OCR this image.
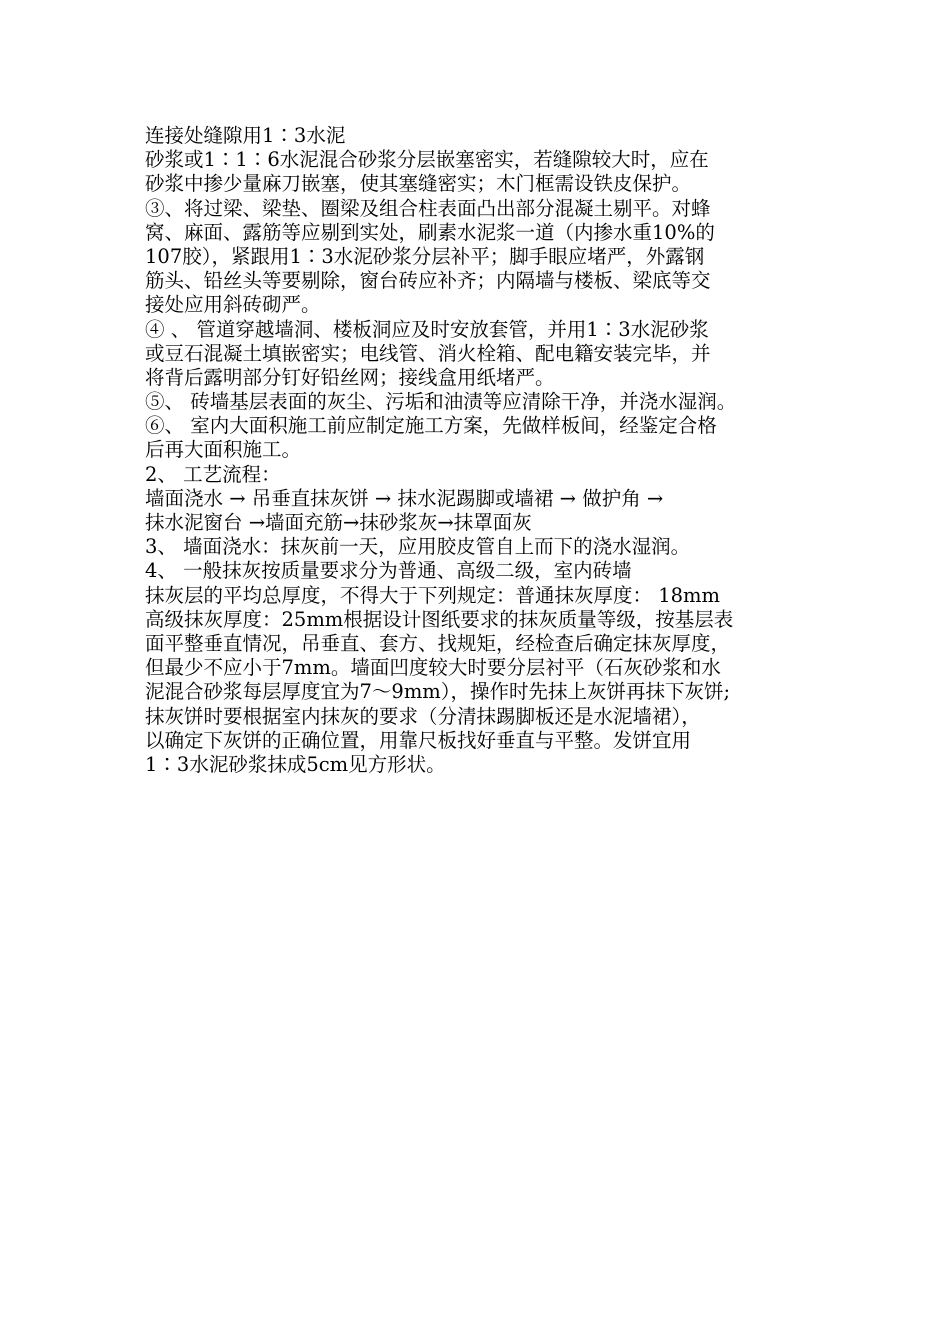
连接处缝隙用1∶3水泥
砂浆或1∶1∶6水泥混合砂浆分层嵌塞密实，若缝隙较大时，应在
砂浆中掺少量麻刀嵌塞，使其塞缝密实；木门框需设铁皮保护。
③、将过梁、梁垫、圈梁及组合柱表面凸出部分混凝土剔平。对蜂
窝、麻面、露筋等应剔到实处，刷素水泥浆一道（内掺水重10%的
107胶），紧跟用1∶3水泥砂浆分层补平；脚手眼应堵严，外露钢
筋头、铅丝头等要剔除，窗台砖应补齐；内隔墙与楼板、梁底等交
接处应用斜砖砌严。
④ 、 管道穿越墙洞、楼板洞应及时安放套管，并用1∶3水泥砂浆
或豆石混凝土填嵌密实；电线管、消火栓箱、配电籍安装完毕，并
将背后露明部分钉好铅丝网；接线盒用纸堵严。
⑤、 砖墙基层表面的灰尘、污垢和油渍等应清除干净，并浇水湿润。
⑥、 室内大面积施工前应制定施工方案，先做样板间，经鉴定合格
后再大面积施工。
2、 工艺流程：
墙面浇水 → 吊垂直抹灰饼 → 抹水泥踢脚或墙裙 → 做护角 →
抹水泥窗台 →墙面充筋→抹砂浆灰→抹罩面灰
3、 墙面浇水：抹灰前一天，应用胶皮管自上而下的浇水湿润。
4、 一般抹灰按质量要求分为普通、高级二级，室内砖墙
抹灰层的平均总厚度，不得大于下列规定：普通抹灰厚度： 18mm
高级抹灰厚度：25mm根据设计图纸要求的抹灰质量等级，按基层表
面平整垂直情况，吊垂直、套方、找规矩，经检查后确定抹灰厚度，
但最少不应小于7mm。墙面凹度较大时要分层衬平（石灰砂浆和水
泥混合砂浆每层厚度宜为7～9mm），操作时先抹上灰饼再抹下灰饼;
抹灰饼时要根据室内抹灰的要求（分清抹踢脚板还是水泥墙裙），
以确定下灰饼的正确位置，用靠尺板找好垂直与平整。发饼宜用
1∶3水泥砂浆抹成5cm见方形状。
